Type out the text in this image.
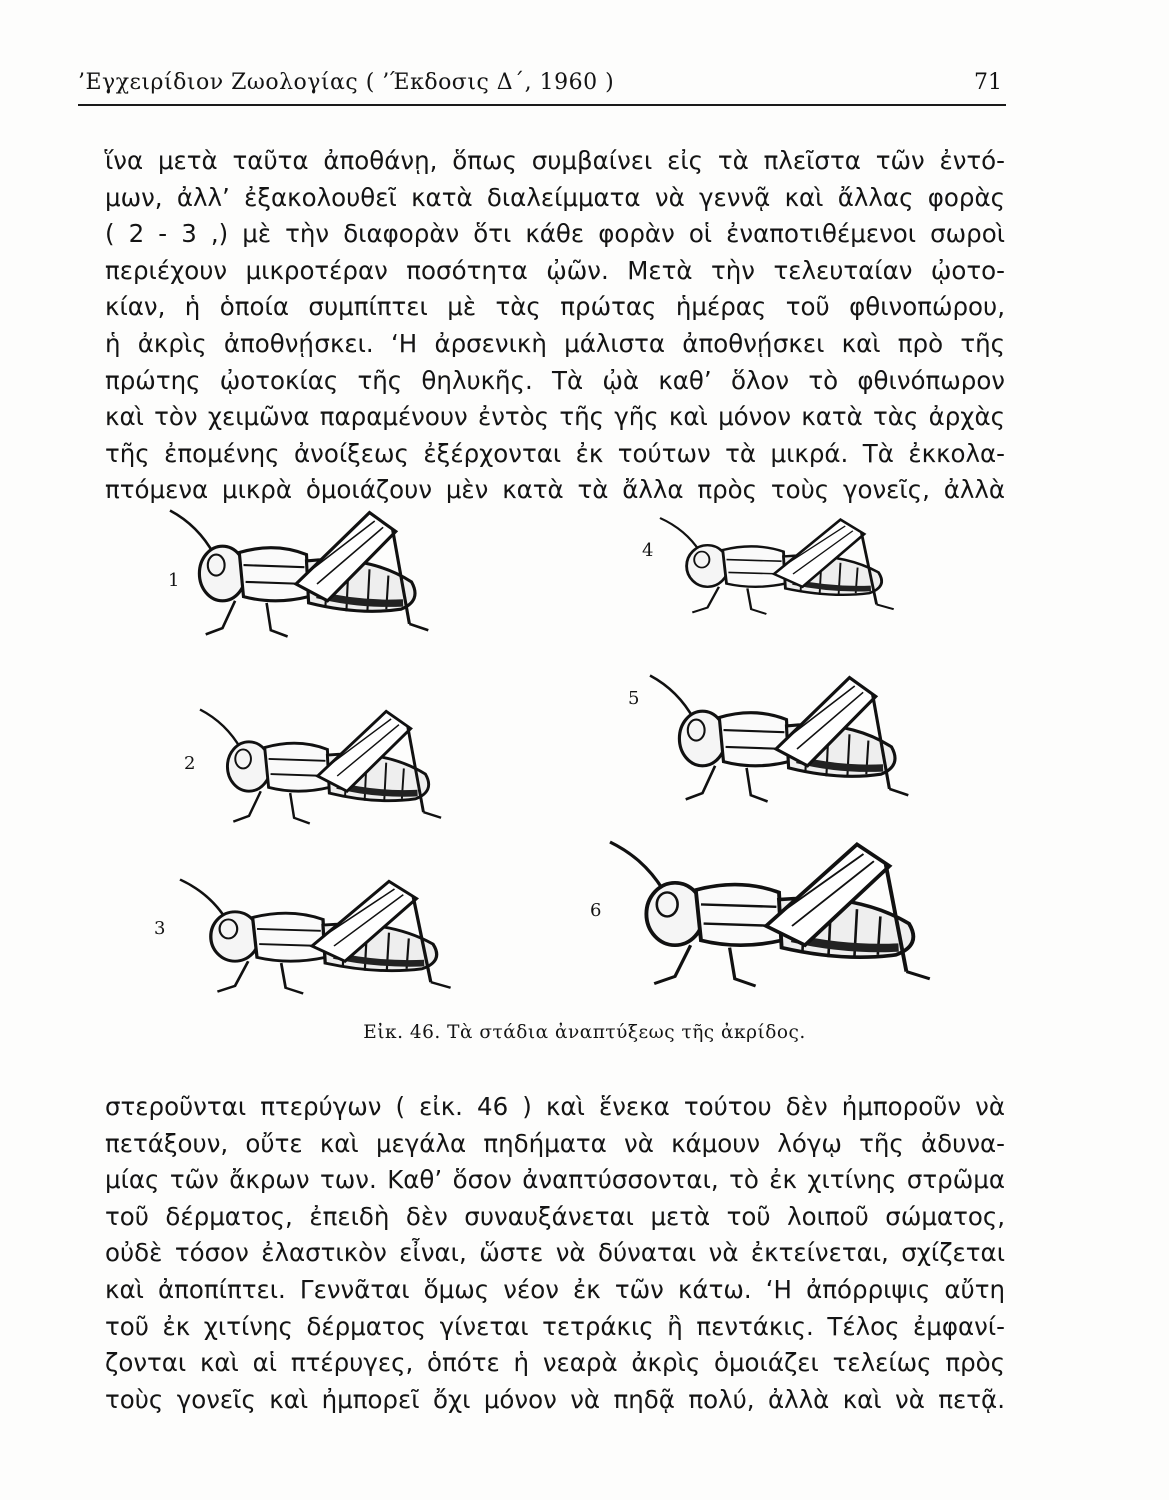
’Εγχειρίδιον Ζωολογίας ( ’Έκδοσις Δ΄, 1960 )	71
ἵνα μετὰ ταῦτα ἀποθάνῃ, ὅπως συμβαίνει εἰς τὰ πλεῖστα τῶν ἐντό-
μων, ἀλλ’ ἐξακολουθεῖ κατὰ διαλείμματα νὰ γεννᾷ καὶ ἄλλας φορὰς
( 2 - 3 ,) μὲ τὴν διαφορὰν ὅτι κάθε φορὰν οἱ ἐναποτιθέμενοι σωροὶ
περιέχουν μικροτέραν ποσότητα ᾠῶν. Μετὰ τὴν τελευταίαν ᾠοτο-
κίαν, ἡ ὁποία συμπίπτει μὲ τὰς πρώτας ἡμέρας τοῦ φθινοπώρου,
ἡ ἀκρὶς ἀποθνῄσκει. ‘Η ἀρσενικὴ μάλιστα ἀποθνῄσκει καὶ πρὸ τῆς
πρώτης ᾠοτοκίας τῆς θηλυκῆς. Τὰ ᾠὰ καθ’ ὅλον τὸ φθινόπωρον
καὶ τὸν χειμῶνα παραμένουν ἐντὸς τῆς γῆς καὶ μόνον κατὰ τὰς ἀρχὰς
τῆς ἐπομένης ἀνοίξεως ἐξέρχονται ἐκ τούτων τὰ μικρά. Τὰ ἐκκολα-
πτόμενα μικρὰ ὁμοιάζουν μὲν κατὰ τὰ ἄλλα πρὸς τοὺς γονεῖς, ἀλλὰ
1
2
3
4
5
6
Εἰκ. 46. Τὰ στάδια ἀναπτύξεως τῆς ἀκρίδος.
στεροῦνται πτερύγων ( εἰκ. 46 ) καὶ ἕνεκα τούτου δὲν ἠμποροῦν νὰ
πετάξουν, οὔτε καὶ μεγάλα πηδήματα νὰ κάμουν λόγῳ τῆς ἀδυνα-
μίας τῶν ἄκρων των. Καθ’ ὅσον ἀναπτύσσονται, τὸ ἐκ χιτίνης στρῶμα
τοῦ δέρματος, ἐπειδὴ δὲν συναυξάνεται μετὰ τοῦ λοιποῦ σώματος,
οὐδὲ τόσον ἐλαστικὸν εἶναι, ὥστε νὰ δύναται νὰ ἐκτείνεται, σχίζεται
καὶ ἀποπίπτει. Γεννᾶται ὅμως νέον ἐκ τῶν κάτω. ‘Η ἀπόρριψις αὔτη
τοῦ ἐκ χιτίνης δέρματος γίνεται τετράκις ἢ πεντάκις. Τέλος ἐμφανί-
ζονται καὶ αἱ πτέρυγες, ὁπότε ἡ νεαρὰ ἀκρὶς ὁμοιάζει τελείως πρὸς
τοὺς γονεῖς καὶ ἠμπορεῖ ὄχι μόνον νὰ πηδᾷ πολύ, ἀλλὰ καὶ νὰ πετᾷ.
